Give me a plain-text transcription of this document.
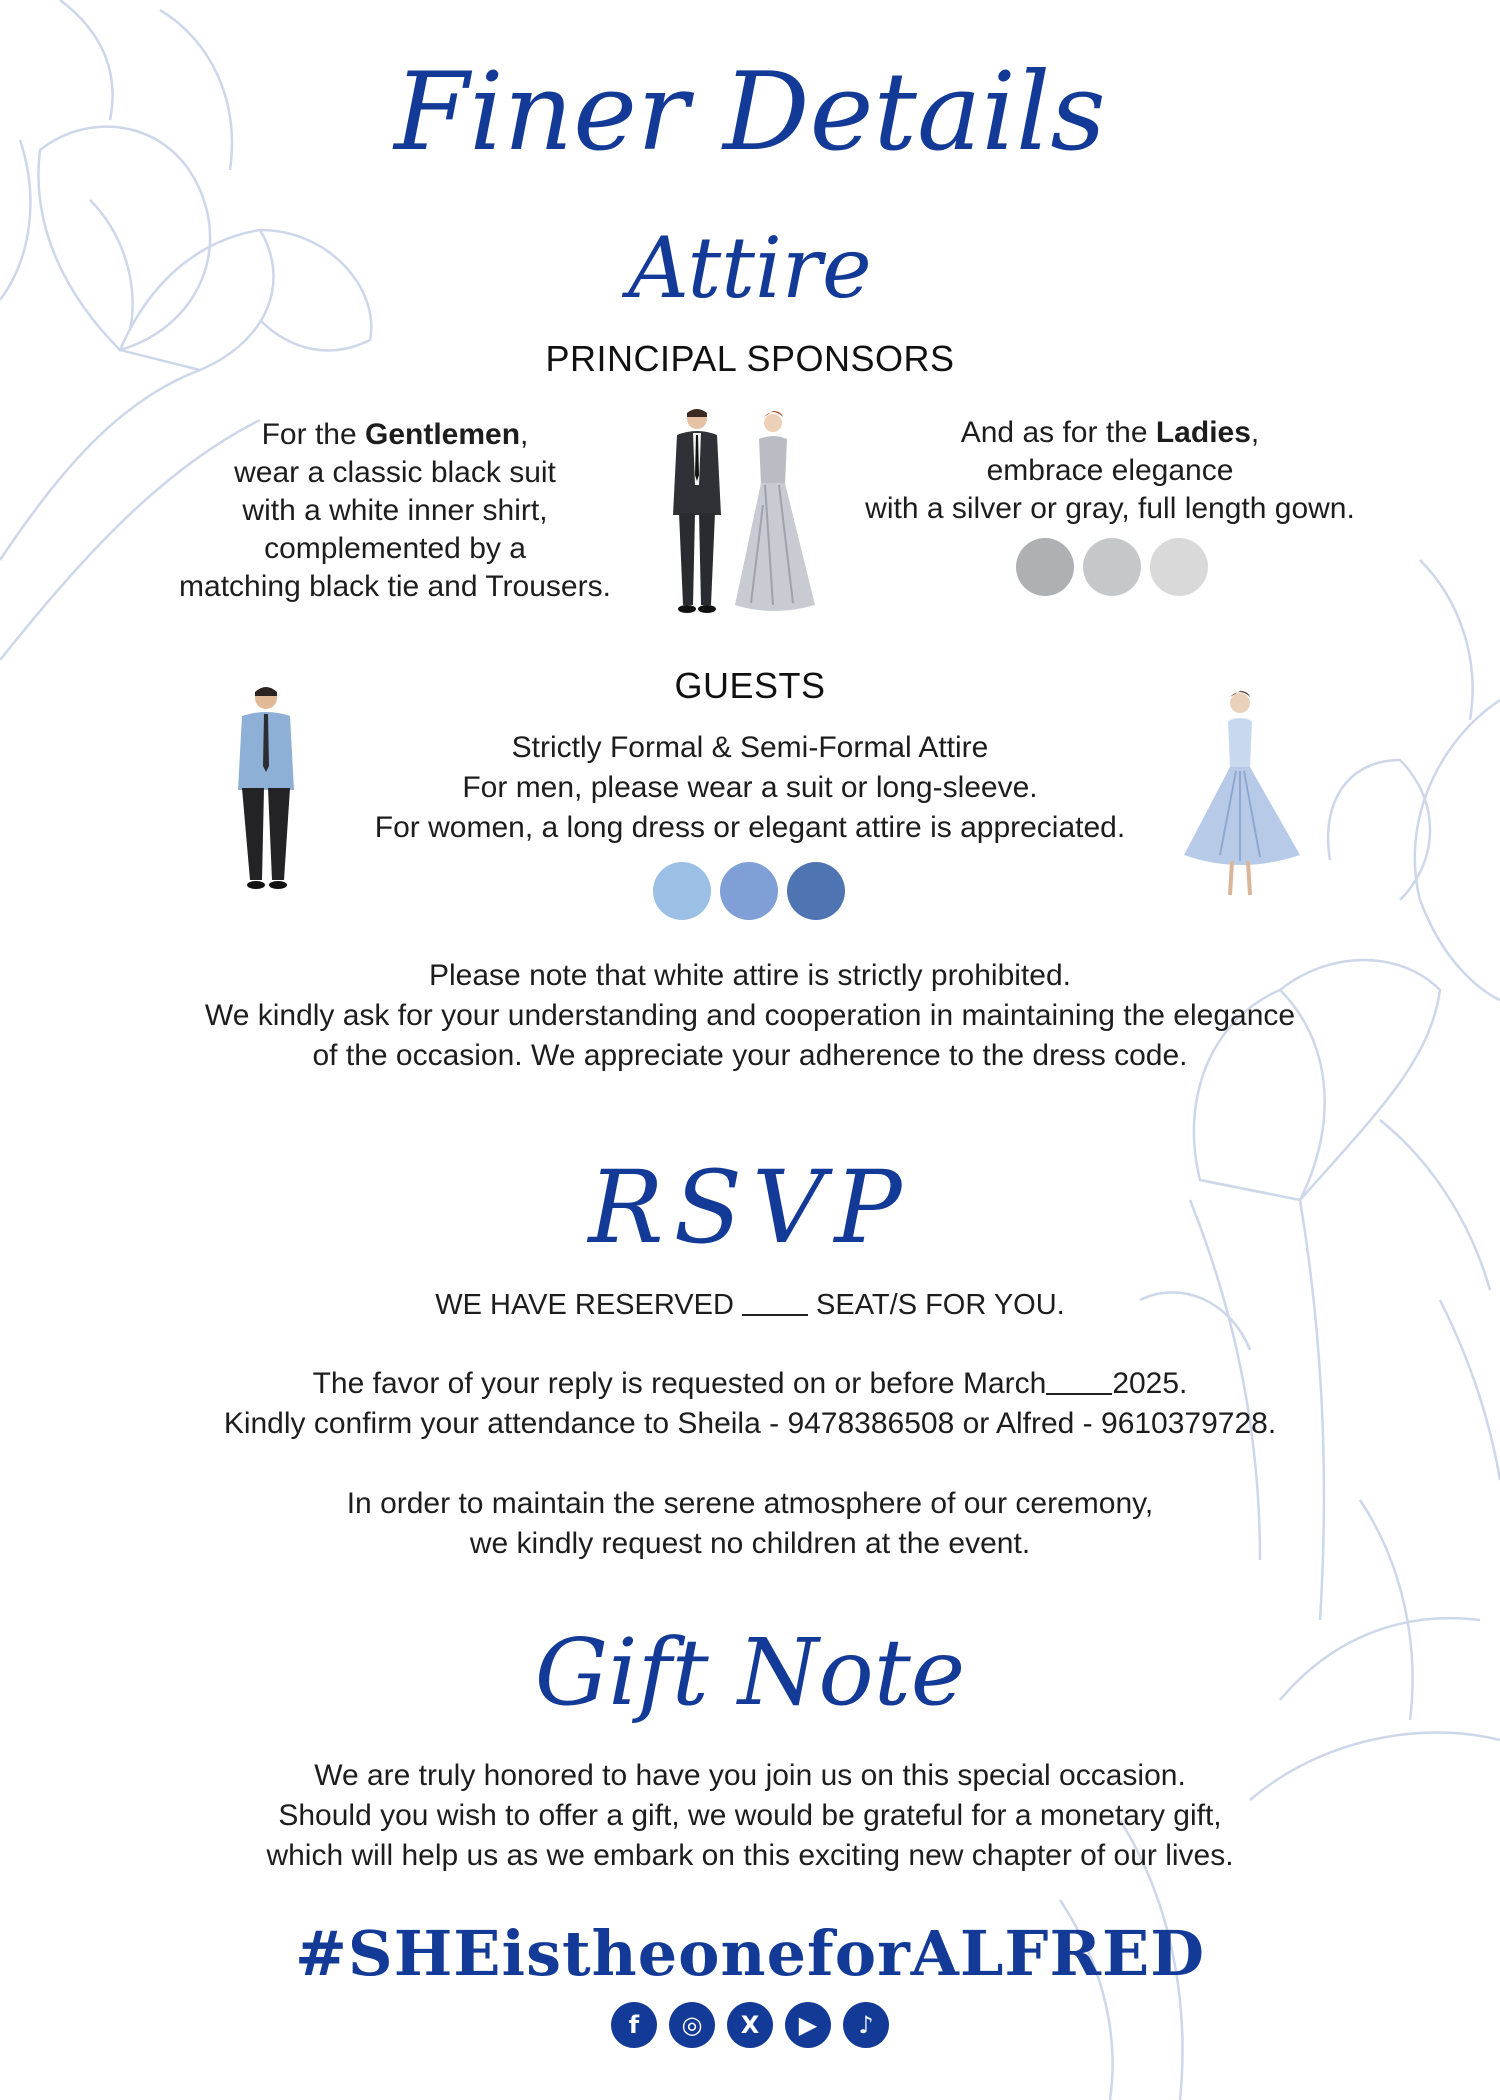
Finer Details
Attire
PRINCIPAL SPONSORS
For the Gentlemen,
wear a classic black suit
with a white inner shirt,
complemented by a
matching black tie and Trousers.
And as for the Ladies,
embrace elegance
with a silver or gray, full length gown.
GUESTS
Strictly Formal & Semi-Formal Attire
For men, please wear a suit or long-sleeve.
For women, a long dress or elegant attire is appreciated.
Please note that white attire is strictly prohibited.
We kindly ask for your understanding and cooperation in maintaining the elegance
of the occasion. We appreciate your adherence to the dress code.
RSVP
WE HAVE RESERVED  SEAT/S FOR YOU.
The favor of your reply is requested on or before March 2025.
Kindly confirm your attendance to Sheila - 9478386508 or Alfred - 9610379728.
In order to maintain the serene atmosphere of our ceremony,
we kindly request no children at the event.
Gift Note
We are truly honored to have you join us on this special occasion.
Should you wish to offer a gift, we would be grateful for a monetary gift,
which will help us as we embark on this exciting new chapter of our lives.
#SHEistheoneforALFRED
f	◎	X	▶	♪
